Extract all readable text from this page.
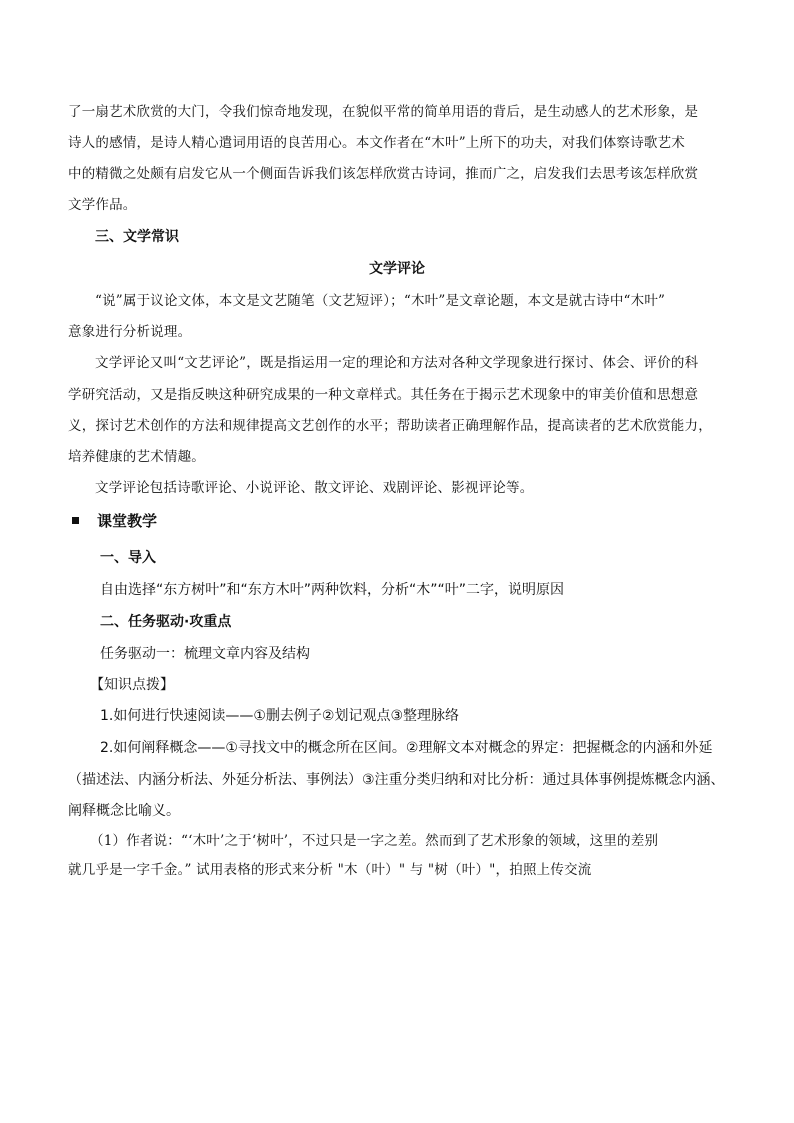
了一扇艺术欣赏的大门，令我们惊奇地发现，在貌似平常的简单用语的背后，是生动感人的艺术形象，是
诗人的感情，是诗人精心遣词用语的良苦用心。本文作者在“木叶”上所下的功夫，对我们体察诗歌艺术
中的精微之处颇有启发它从一个侧面告诉我们该怎样欣赏古诗词，推而广之，启发我们去思考该怎样欣赏
文学作品。
三、文学常识
文学评论
“说”属于议论文体，本文是文艺随笔（文艺短评）；“木叶”是文章论题，本文是就古诗中“木叶”
意象进行分析说理。
文学评论又叫“文艺评论”，既是指运用一定的理论和方法对各种文学现象进行探讨、体会、评价的科
学研究活动，又是指反映这种研究成果的一种文章样式。其任务在于揭示艺术现象中的审美价值和思想意
义，探讨艺术创作的方法和规律提高文艺创作的水平；帮助读者正确理解作品，提高读者的艺术欣赏能力，
培养健康的艺术情趣。
文学评论包括诗歌评论、小说评论、散文评论、戏剧评论、影视评论等。
课堂教学
一、导入
自由选择“东方树叶”和“东方木叶”两种饮料，分析“木”“叶”二字，说明原因
二、任务驱动·攻重点
任务驱动一：梳理文章内容及结构
【知识点拨】
1.如何进行快速阅读——①删去例子②划记观点③整理脉络
2.如何阐释概念——①寻找文中的概念所在区间。②理解文本对概念的界定：把握概念的内涵和外延
（描述法、内涵分析法、外延分析法、事例法）③注重分类归纳和对比分析：通过具体事例提炼概念内涵、
阐释概念比喻义。
（1）作者说：“‘木叶’之于‘树叶’，不过只是一字之差。然而到了艺术形象的领域，这里的差别
就几乎是一字千金。” 试用表格的形式来分析 "木（叶）" 与 "树（叶）"，拍照上传交流
